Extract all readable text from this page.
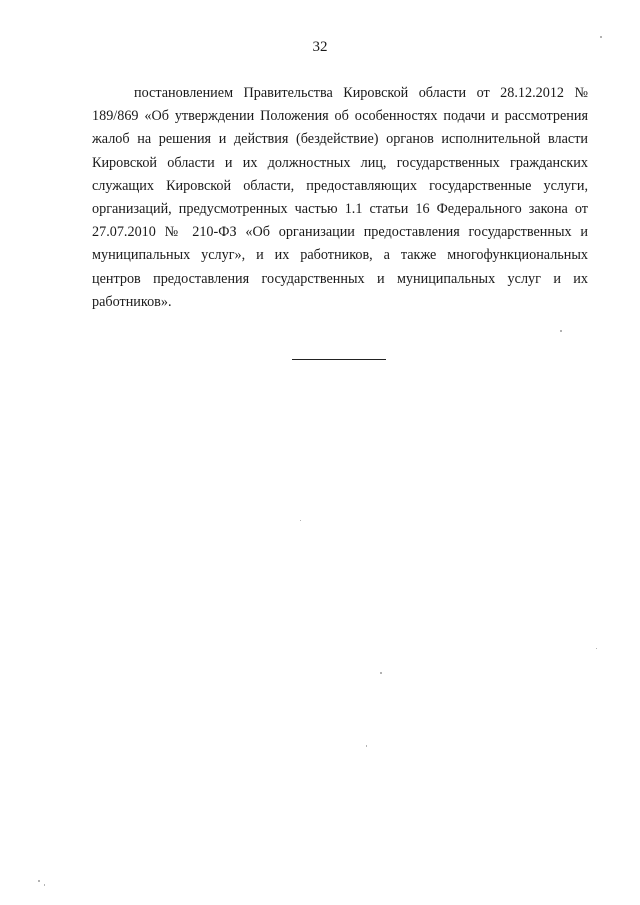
32

постановлением Правительства Кировской области от 28.12.2012 № 189/869 «Об утверждении Положения об особенностях подачи и рассмотрения жалоб на решения и действия (бездействие) органов исполнительной власти Кировской области и их должностных лиц, государственных гражданских служащих Кировской области, предоставляющих государственные услуги, организаций, предусмотренных частью 1.1 статьи 16 Федерального закона от 27.07.2010 № 210-ФЗ «Об организации предоставления государственных и муниципальных услуг», и их работников, а также многофункциональных центров предоставления государственных и муниципальных услуг и их работников».
